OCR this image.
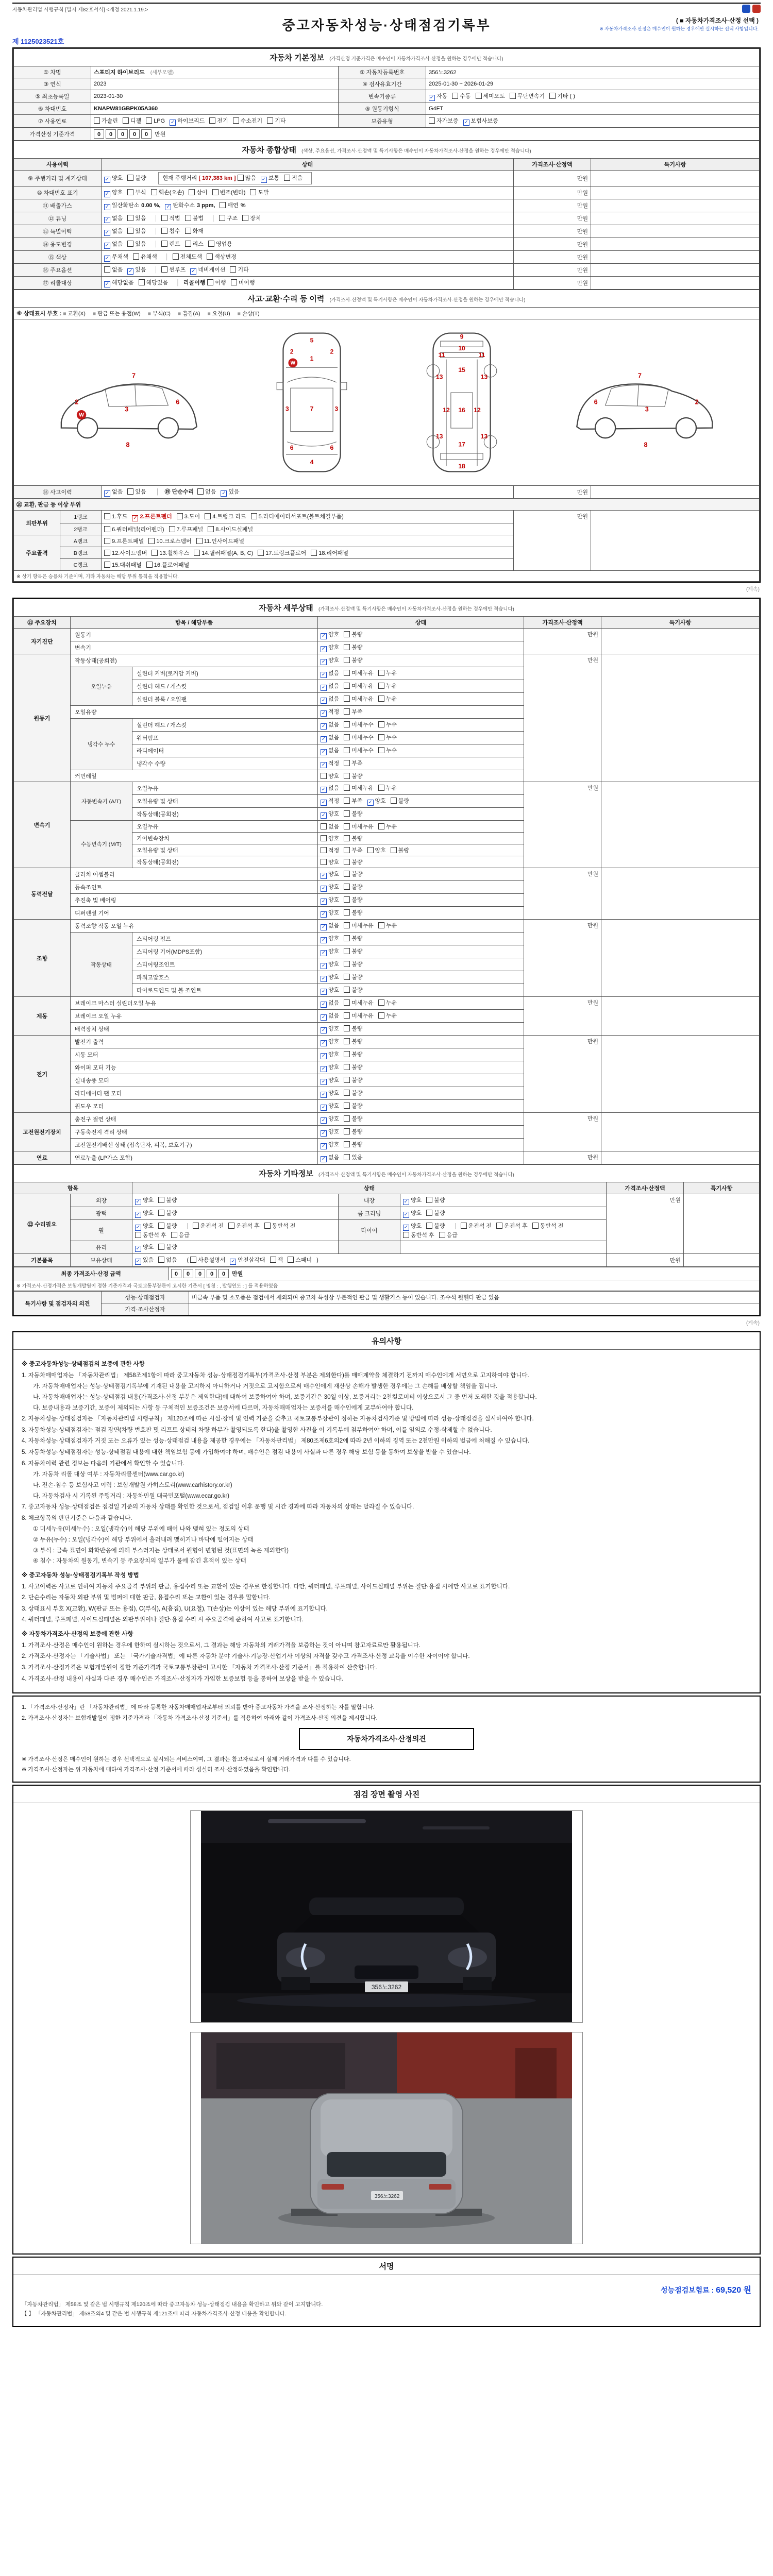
자동차관리법 시행규칙 [별지 제82호서식] <개정 2021.1.19.>
중고자동차성능·상태점검기록부	( ■ 자동차가격조사·산정 선택 )
※ 자동차가격조사·산정은 매수인이 원하는 경우에만 실시하는 선택 사항입니다.
제 1125023521호
자동차 기본정보 (가격산정 기준가격은 매수인이 자동차가격조사·산정을 원하는 경우에만 적습니다)			
① 차명	스포티지 하이브리드 (세부모델)	② 자동차등록번호	356노3262
③ 연식	2023	④ 검사유효기간	2025-01-30 ~ 2026-01-29
⑤ 최초등록일	2023-01-30	변속기종류	✓ 자동 수동 세미오토 무단변속기 기타 ( )
⑥ 차대번호	KNAPW81GBPK05A360	⑧ 원동기형식	G4FT
⑦ 사용연료	가솔린 디젤 LPG ✓ 하이브리드 전기 수소전기 기타	보증유형	자가보증 ✓ 보험사보증
가격산정 기준가격	0 0 0 0 0 만원		
자동차 종합상태 (색상, 주요옵션, 가격조사·산정액 및 특기사항은 매수인이 자동차가격조사·산정을 원하는 경우에만 적습니다)			
사용이력	상태	가격조사·산정액	특기사항
⑨ 주행거리 및 계기상태	✓ 양호 불량 현재 주행거리 [ 107,383 km ] 많음 ✓ 보통 적음	만원	
⑩ 차대번호 표기	✓ 양호 부식 훼손(오손) 상이 변조(변타) 도말	만원	
⑪ 배출가스	✓ 일산화탄소 0.00 %, ✓ 탄화수소 3 ppm, 매연 %	만원	
⑫ 튜닝	✓ 없음 있음 │ 적법 불법 │ 구조 장치	만원	
⑬ 특별이력	✓ 없음 있음 │ 침수 화재	만원	
⑭ 용도변경	✓ 없음 있음 │ 렌트 리스 영업용	만원	
⑮ 색상	✓ 무채색 유채색 │ 전체도색 색상변경	만원	
⑯ 주요옵션	없음 ✓ 있음 │ 썬루프 ✓ 네비게이션 기타	만원	
⑰ 리콜대상	✓ 해당없음 해당있음 │ 리콜이행 이행 미이행	만원	
사고·교환·수리 등 이력 (가격조사·산정액 및 특기사항은 매수인이 자동차가격조사·산정을 원하는 경우에만 적습니다)				
※ 상태표시 부호 : ■ 교환(X) ■ 판금 또는 용접(W) ■ 부식(C) ■ 흠집(A) ■ 요철(U) ■ 손상(T)

2
3
6
7
8
W
5
1
2	2
3	3
7
6	6
4
W
9
10
11	11
13	13
15
12	12
16
13	13
17
18
6
3
2
7
8

⑱ 사고이력		✓ 없음 있음 │ ⑲ 단순수리 없음 ✓ 있음	만원	
⑳ 교환, 판금 등 이상 부위				
외판부위	1랭크	1.후드 ✓ 2.프론트펜더 3.도어 4.트렁크 리드 5.라디에이터서포트(볼트체결부품)	만원	
	2랭크	6.쿼터패널(리어펜더) 7.루프패널 8.사이드실패널		
주요골격	A랭크	9.프론트패널 10.크로스멤버 11.인사이드패널		
	B랭크	12.사이드멤버 13.휠하우스 14.필러패널(A, B, C) 17.트렁크플로어 18.리어패널		
	C랭크	15.대쉬패널 16.플로어패널		
※ 상기 항목은 승용차 기준이며, 기타 자동차는 해당 부위 통칙을 적용합니다.				
(계속)
자동차 세부상태 (가격조사·산정액 및 특기사항은 매수인이 자동차가격조사·산정을 원하는 경우에만 적습니다)					
㉑ 주요장치	항목 / 해당부품		상태	가격조사·산정액	특기사항
자기진단	원동기		✓ 양호 불량	만원	
	변속기		✓ 양호 불량		
원동기	작동상태(공회전)		✓ 양호 불량	만원	
	오일누유	실린더 커버(로커암 커버)	✓ 없음 미세누유 누유		
		실린더 헤드 / 개스킷	✓ 없음 미세누유 누유		
		실린더 블록 / 오일팬	✓ 없음 미세누유 누유		
	오일유량		✓ 적정 부족		
	냉각수 누수	실린더 헤드 / 개스킷	✓ 없음 미세누수 누수		
		워터펌프	✓ 없음 미세누수 누수		
		라디에이터	✓ 없음 미세누수 누수		
		냉각수 수량	✓ 적정 부족		
	커먼레일		양호 불량		
변속기	자동변속기 (A/T)	오일누유	✓ 없음 미세누유 누유	만원	
		오일유량 및 상태	✓ 적정 부족 ✓ 양호 불량		
		작동상태(공회전)	✓ 양호 불량		
	수동변속기 (M/T)	오일누유	없음 미세누유 누유		
		기어변속장치	양호 불량		
		오일유량 및 상태	적정 부족 양호 불량		
		작동상태(공회전)	양호 불량		
동력전달	클러치 어셈블리		✓ 양호 불량	만원	
	등속조인트		✓ 양호 불량		
	추진축 및 베어링		✓ 양호 불량		
	디퍼렌셜 기어		✓ 양호 불량		
조향	동력조향 작동 오일 누유		✓ 없음 미세누유 누유	만원	
	작동상태	스티어링 펌프	✓ 양호 불량		
		스티어링 기어(MDPS포함)	✓ 양호 불량		
		스티어링조인트	✓ 양호 불량		
		파워고압호스	✓ 양호 불량		
		타이로드엔드 및 볼 조인트	✓ 양호 불량		
제동	브레이크 마스터 실린더오일 누유		✓ 없음 미세누유 누유	만원	
	브레이크 오일 누유		✓ 없음 미세누유 누유		
	배력장치 상태		✓ 양호 불량		
전기	발전기 출력		✓ 양호 불량	만원	
	시동 모터		✓ 양호 불량		
	와이퍼 모터 기능		✓ 양호 불량		
	실내송풍 모터		✓ 양호 불량		
	라디에이터 팬 모터		✓ 양호 불량		
	윈도우 모터		✓ 양호 불량		
고전원전기장치	충전구 절연 상태		✓ 양호 불량	만원	
	구동축전지 격리 상태		✓ 양호 불량		
	고전원전기배선 상태 (접속단자, 피복, 보호기구)		✓ 양호 불량		
연료	연료누출 (LP가스 포함)		✓ 없음 있음	만원	
자동차 기타정보 (가격조사·산정액 및 특기사항은 매수인이 자동차가격조사·산정을 원하는 경우에만 적습니다)						
항목		상태			가격조사·산정액	특기사항
㉒ 수리필요	외장	✓ 양호 불량	내장	✓ 양호 불량	만원	
	광택	✓ 양호 불량	룸 크리닝	✓ 양호 불량		
	휠	✓ 양호 불량 운전석 전 운전석 후 동반석 전동반석 후 응급	타이어	✓ 양호 불량 운전석 전 운전석 후 동반석 전동반석 후 응급		
	유리	✓ 양호 불량				
기본품목	보유상태	✓ 있음 없음 ( 사용설명서 ✓ 안전삼각대 잭 스패너 )			만원	
최종 가격조사·산정 금액	0 0 0 0 0 만원
※ 가격조사·산정가격은 보험개발원이 정한 기준가격과 국토교통부장관이 고시한 기준서 [ 명칭 : , 발행연도 : ] 를 적용하였음
특기사항 및 점검자의 의견	성능·상태점검자	비금속 부품 및 소모품은 점검에서 제외되며 중고차 특성상 부분적인 판금 및 생활기스 등이 있습니다. 조수석 뒷휀다 판금 있음
	가격·조사산정자	
(계속)
유의사항
※ 중고자동차성능·상태점검의 보증에 관한 사항
1. 자동차매매업자는 「자동차관리법」 제58조제1항에 따라 중고자동차 성능·상태점검기록부(가격조사·산정 부분은 제외한다)를 매매계약을 체결하기 전까지 매수인에게 서면으로 고지하여야 합니다.
가. 자동차매매업자는 성능·상태점검기록부에 기재된 내용을 고지하지 아니하거나 거짓으로 고지함으로써 매수인에게 재산상 손해가 발생한 경우에는 그 손해를 배상할 책임을 집니다.
나. 자동차매매업자는 성능·상태점검 내용(가격조사·산정 부분은 제외한다)에 대하여 보증하여야 하며, 보증기간은 30일 이상, 보증거리는 2천킬로미터 이상으로서 그 중 먼저 도래한 것을 적용합니다.
다. 보증내용과 보증기간, 보증이 제외되는 사항 등 구체적인 보증조건은 보증서에 따르며, 자동차매매업자는 보증서를 매수인에게 교부하여야 합니다.
2. 자동차성능·상태점검자는 「자동차관리법 시행규칙」 제120조에 따른 시설·장비 및 인력 기준을 갖추고 국토교통부장관이 정하는 자동차검사기준 및 방법에 따라 성능·상태점검을 실시하여야 합니다.
3. 자동차성능·상태점검자는 점검 장면(차량 번호판 및 리프트 상태의 차량 하부가 촬영되도록 한다)을 촬영한 사진을 이 기록부에 첨부하여야 하며, 이를 임의로 수정·삭제할 수 없습니다.
4. 자동차성능·상태점검자가 거짓 또는 오류가 있는 성능·상태점검 내용을 제공한 경우에는 「자동차관리법」 제80조제6호의2에 따라 2년 이하의 징역 또는 2천만원 이하의 벌금에 처해질 수 있습니다.
5. 자동차성능·상태점검자는 성능·상태점검 내용에 대한 책임보험 등에 가입하여야 하며, 매수인은 점검 내용이 사실과 다른 경우 해당 보험 등을 통하여 보상을 받을 수 있습니다.
6. 자동차이력 관련 정보는 다음의 기관에서 확인할 수 있습니다.
가. 자동차 리콜 대상 여부 : 자동차리콜센터(www.car.go.kr)
나. 전손·침수 등 보험사고 이력 : 보험개발원 카히스토리(www.carhistory.or.kr)
다. 자동차검사 시 기록된 주행거리 : 자동차민원 대국민포털(www.ecar.go.kr)
7. 중고자동차 성능·상태점검은 점검일 기준의 자동차 상태를 확인한 것으로서, 점검일 이후 운행 및 시간 경과에 따라 자동차의 상태는 달라질 수 있습니다.
8. 체크항목의 판단기준은 다음과 같습니다.
① 미세누유(미세누수) : 오일(냉각수)이 해당 부위에 배어 나와 맺혀 있는 정도의 상태
② 누유(누수) : 오일(냉각수)이 해당 부위에서 흘러내려 맺히거나 바닥에 떨어지는 상태
③ 부식 : 금속 표면이 화학반응에 의해 부스러지는 상태로서 원형이 변형된 것(표면의 녹은 제외한다)
④ 침수 : 자동차의 원동기, 변속기 등 주요장치의 일부가 물에 잠긴 흔적이 있는 상태
※ 중고자동차 성능·상태점검기록부 작성 방법
1. 사고이력은 사고로 인하여 자동차 주요골격 부위의 판금, 용접수리 또는 교환이 있는 경우로 한정합니다. 다만, 쿼터패널, 루프패널, 사이드실패널 부위는 절단·용접 시에만 사고로 표기합니다.
2. 단순수리는 자동차 외판 부위 및 범퍼에 대한 판금, 용접수리 또는 교환이 있는 경우를 말합니다.
3. 상태표시 부호 X(교환), W(판금 또는 용접), C(부식), A(흠집), U(요철), T(손상)는 이상이 있는 해당 부위에 표기합니다.
4. 쿼터패널, 루프패널, 사이드실패널은 외판부위이나 절단·용접 수리 시 주요골격에 준하여 사고로 표기합니다.
※ 자동차가격조사·산정의 보증에 관한 사항
1. 가격조사·산정은 매수인이 원하는 경우에 한하여 실시하는 것으로서, 그 결과는 해당 자동차의 거래가격을 보증하는 것이 아니며 참고자료로만 활용됩니다.
2. 가격조사·산정자는 「기술사법」 또는 「국가기술자격법」에 따른 자동차 분야 기술사·기능장·산업기사 이상의 자격을 갖추고 가격조사·산정 교육을 이수한 자이어야 합니다.
3. 가격조사·산정가격은 보험개발원이 정한 기준가격과 국토교통부장관이 고시한 「자동차 가격조사·산정 기준서」를 적용하여 산출합니다.
4. 가격조사·산정 내용이 사실과 다른 경우 매수인은 가격조사·산정자가 가입한 보증보험 등을 통하여 보상을 받을 수 있습니다.

1. 「가격조사·산정자」란 「자동차관리법」에 따라 등록한 자동차매매업자로부터 의뢰를 받아 중고자동차 가격을 조사·산정하는 자를 말합니다.

2. 가격조사·산정자는 보험개발원이 정한 기준가격과 「자동차 가격조사·산정 기준서」를 적용하여 아래와 같이 가격조사·산정 의견을 제시합니다.

자동차가격조사·산정의견

※ 가격조사·산정은 매수인이 원하는 경우 선택적으로 실시되는 서비스이며, 그 결과는 참고자료로서 실제 거래가격과 다를 수 있습니다.

※ 가격조사·산정자는 위 자동차에 대하여 가격조사·산정 기준서에 따라 성실히 조사·산정하였음을 확인합니다.

점검 장면 촬영 사진
356노3262
356노3262
서명
성능점검보험료 : 69,520 원

「자동차관리법」 제58조 및 같은 법 시행규칙 제120조에 따라 중고자동차 성능·상태점검 내용을 확인하고 위와 같이 고지합니다.

【 】 「자동차관리법」 제58조의4 및 같은 법 시행규칙 제121조에 따라 자동차가격조사·산정 내용을 확인합니다.
